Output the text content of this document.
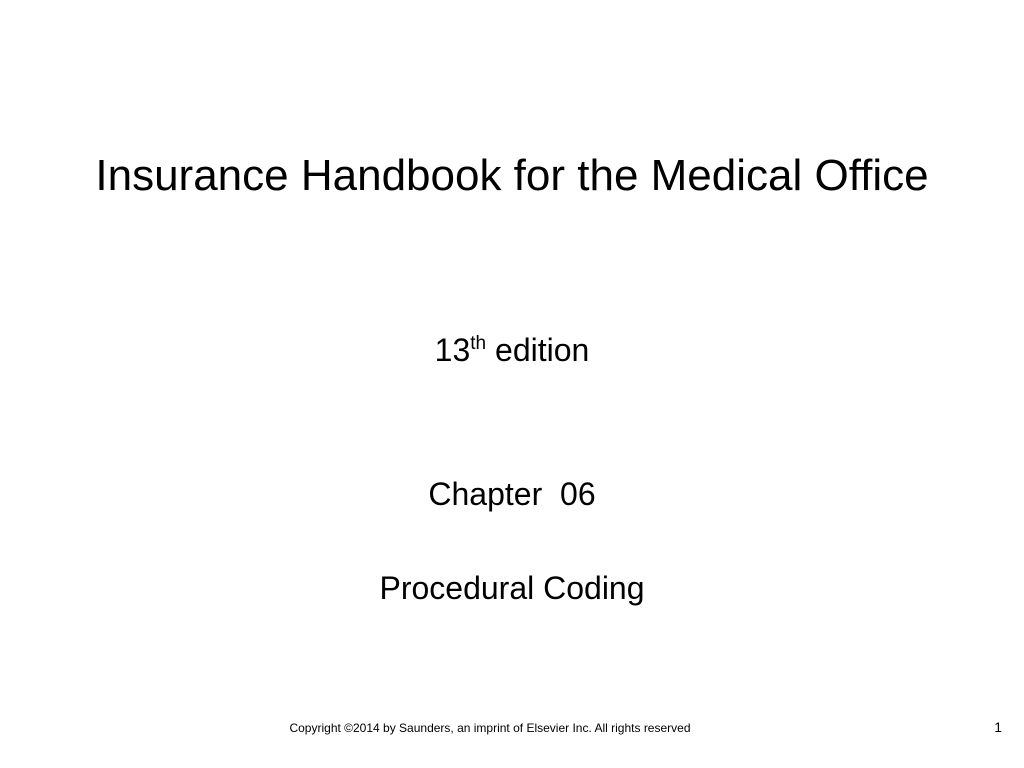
Insurance Handbook for the Medical Office
13th edition
Chapter  06
Procedural Coding
Copyright ©2014 by Saunders, an imprint of Elsevier Inc. All rights reserved	1
